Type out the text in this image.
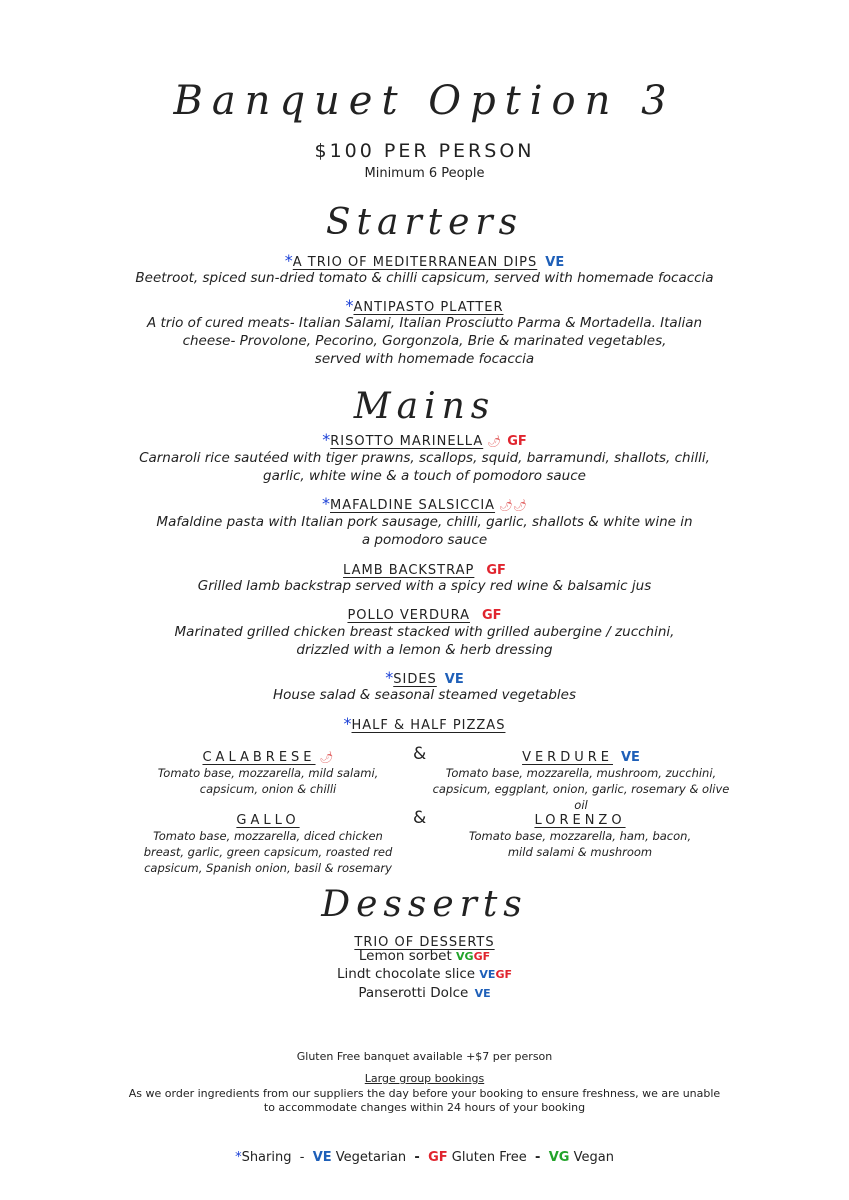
Banquet Option 3
$100 PER PERSON
Minimum 6 People
Starters
*A TRIO OF MEDITERRANEAN DIPS VE
Beetroot, spiced sun-dried tomato & chilli capsicum, served with homemade focaccia
*ANTIPASTO PLATTER
A trio of cured meats- Italian Salami, Italian Prosciutto Parma & Mortadella. Italian
cheese- Provolone, Pecorino, Gorgonzola, Brie & marinated vegetables,
served with homemade focaccia
Mains
*RISOTTO MARINELLA 🌶 GF
Carnaroli rice sautéed with tiger prawns, scallops, squid, barramundi, shallots, chilli,
garlic, white wine & a touch of pomodoro sauce
*MAFALDINE SALSICCIA 🌶🌶
Mafaldine pasta with Italian pork sausage, chilli, garlic, shallots & white wine in
a pomodoro sauce
LAMB BACKSTRAP GF
Grilled lamb backstrap served with a spicy red wine & balsamic jus
POLLO VERDURA GF
Marinated grilled chicken breast stacked with grilled aubergine / zucchini,
drizzled with a lemon & herb dressing
*SIDES VE
House salad & seasonal steamed vegetables
*HALF & HALF PIZZAS
CALABRESE 🌶
Tomato base, mozzarella, mild salami,
capsicum, onion & chilli
&	VERDURE VE
Tomato base, mozzarella, mushroom, zucchini,
capsicum, eggplant, onion, garlic, rosemary & olive oil
GALLO
Tomato base, mozzarella, diced chicken
breast, garlic, green capsicum, roasted red
capsicum, Spanish onion, basil & rosemary
&	LORENZO
Tomato base, mozzarella, ham, bacon,
mild salami & mushroom
Desserts
TRIO OF DESSERTS
Lemon sorbet VGGF
Lindt chocolate slice VEGF
Panserotti Dolce VE
Gluten Free banquet available +$7 per person
Large group bookings
As we order ingredients from our suppliers the day before your booking to ensure freshness, we are unable
to accommodate changes within 24 hours of your booking
*Sharing - VE Vegetarian - GF Gluten Free - VG Vegan
